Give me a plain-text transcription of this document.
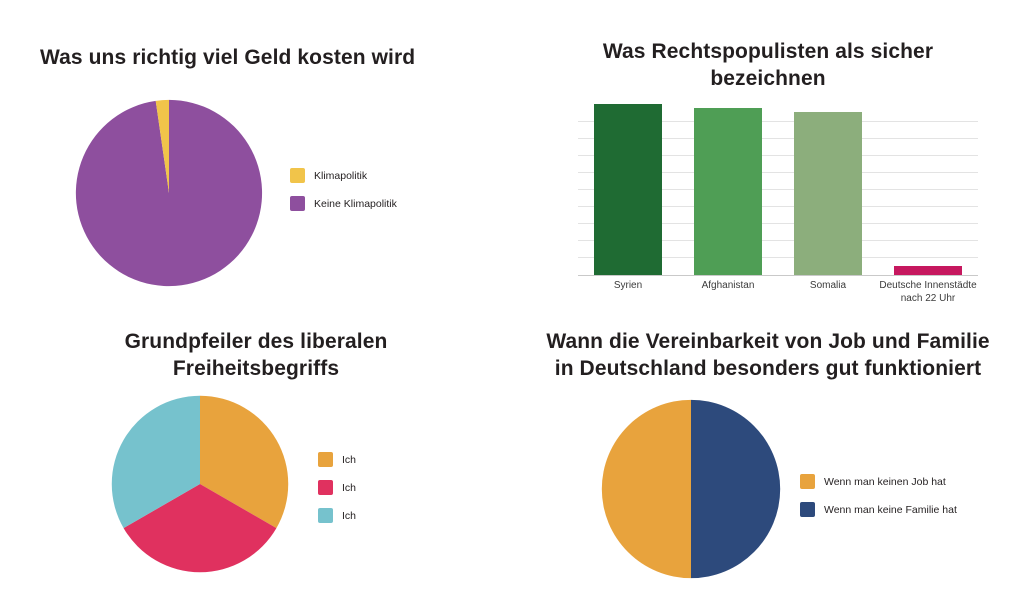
Was uns richtig viel Geld kosten wird
Klimapolitik
Keine Klimapolitik
Was Rechtspopulisten als sicher bezeichnen
Syrien	Afghanistan	Somalia	Deutsche Innenstädte nach 22 Uhr
Grundpfeiler des liberalen Freiheitsbegriffs
Ich
Ich
Ich
Wann die Vereinbarkeit von Job und Familie in Deutschland besonders gut funktioniert
Wenn man keinen Job hat
Wenn man keine Familie hat
